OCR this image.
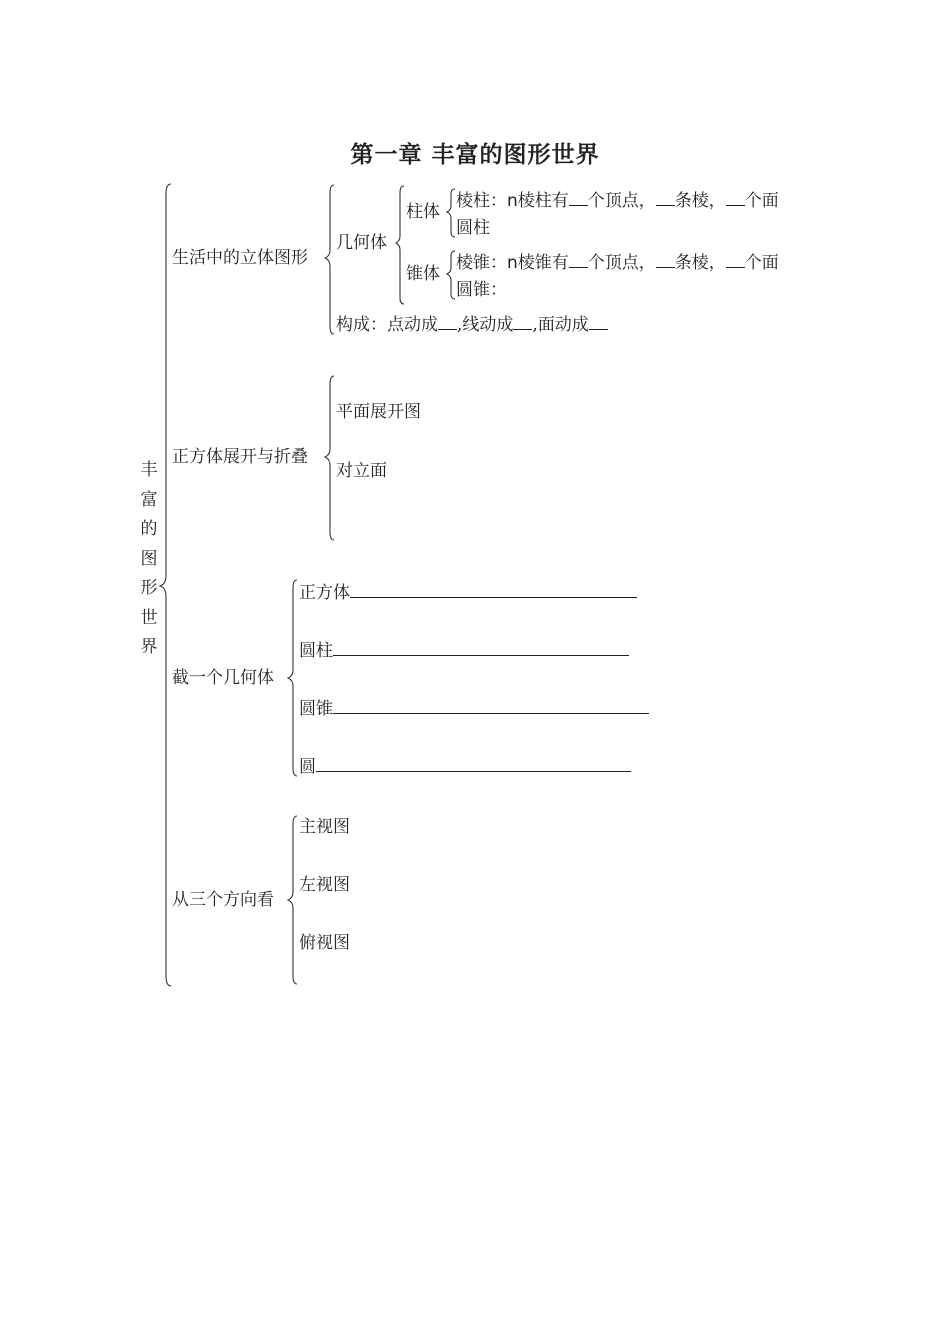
第一章 丰富的图形世界
丰富的图形世界
生活中的立体图形
几何体
柱体
锥体
棱柱：n棱柱有 个顶点， 条棱， 个面
圆柱
棱锥：n棱锥有 个顶点， 条棱， 个面
圆锥：
构成：点动成 ,线动成 ,面动成
正方体展开与折叠
平面展开图
对立面
截一个几何体
正方体
圆柱
圆锥
圆
从三个方向看
主视图
左视图
俯视图
